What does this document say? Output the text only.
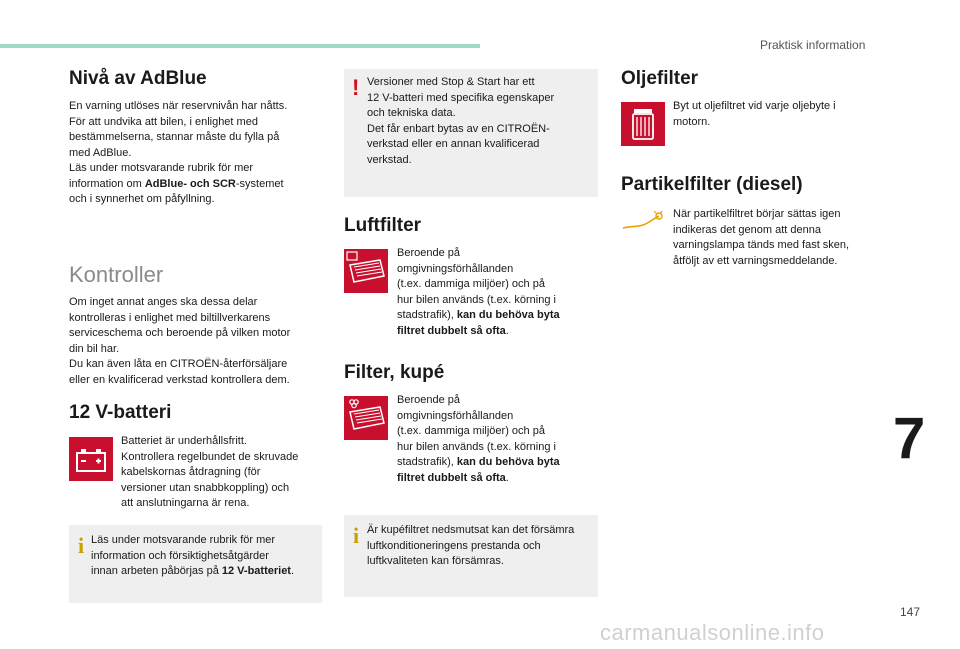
Praktisk information
Nivå av AdBlue
En varning utlöses när reservnivån har nåtts.
För att undvika att bilen, i enlighet med
bestämmelserna, stannar måste du fylla på
med AdBlue.
Läs under motsvarande rubrik för mer
information om AdBlue- och SCR-systemet
och i synnerhet om påfyllning.
Kontroller
Om inget annat anges ska dessa delar
kontrolleras i enlighet med biltillverkarens
serviceschema och beroende på vilken motor
din bil har.
Du kan även låta en CITROËN-återförsäljare
eller en kvalificerad verkstad kontrollera dem.
12 V-batteri
Batteriet är underhållsfritt.
Kontrollera regelbundet de skruvade
kabelskornas åtdragning (för
versioner utan snabbkoppling) och
att anslutningarna är rena.
i Läs under motsvarande rubrik för mer
information och försiktighetsåtgärder
innan arbeten påbörjas på 12 V-batteriet.
! Versioner med Stop & Start har ett
12 V-batteri med specifika egenskaper
och tekniska data.
Det får enbart bytas av en CITROËN-
verkstad eller en annan kvalificerad
verkstad.
Luftfilter
Beroende på
omgivningsförhållanden
(t.ex. dammiga miljöer) och på
hur bilen används (t.ex. körning i
stadstrafik), kan du behöva byta
filtret dubbelt så ofta.
Filter, kupé
Beroende på
omgivningsförhållanden
(t.ex. dammiga miljöer) och på
hur bilen används (t.ex. körning i
stadstrafik), kan du behöva byta
filtret dubbelt så ofta.
i Är kupéfiltret nedsmutsat kan det försämra
luftkonditioneringens prestanda och
luftkvaliteten kan försämras.
Oljefilter
Byt ut oljefiltret vid varje oljebyte i
motorn.
Partikelfilter (diesel)
När partikelfiltret börjar sättas igen
indikeras det genom att denna
varningslampa tänds med fast sken,
åtföljt av ett varningsmeddelande.
7
carmanualsonline.info
147
